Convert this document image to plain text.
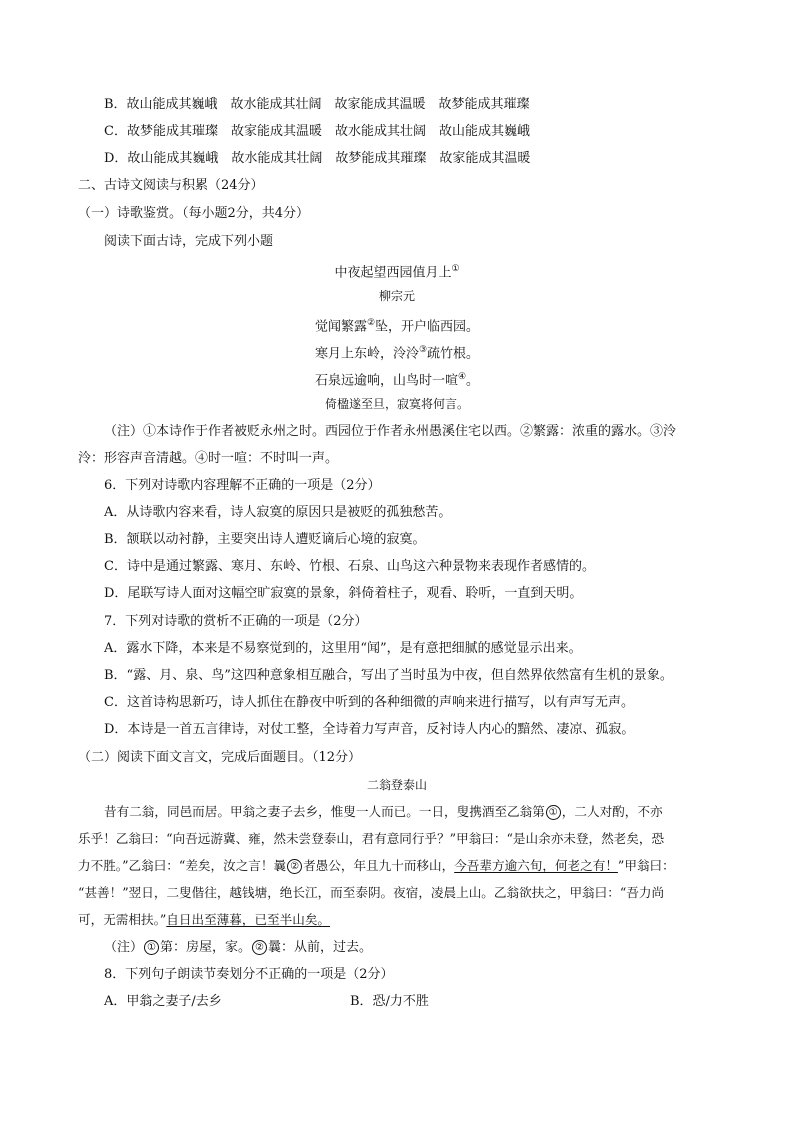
B．故山能成其巍峨　故水能成其壮阔　故家能成其温暖　故梦能成其璀璨
C．故梦能成其璀璨　故家能成其温暖　故水能成其壮阔　故山能成其巍峨
D．故山能成其巍峨　故水能成其壮阔　故梦能成其璀璨　故家能成其温暖
二、古诗文阅读与积累（24分）
（一）诗歌鉴赏。（每小题2分，共4分）
阅读下面古诗，完成下列小题
中夜起望西园值月上①
柳宗元
觉闻繁露②坠，开户临西园。
寒月上东岭，泠泠③疏竹根。
石泉远逾响，山鸟时一喧④。
倚楹遂至旦，寂寞将何言。
（注）①本诗作于作者被贬永州之时。西园位于作者永州愚溪住宅以西。②繁露：浓重的露水。③泠
泠：形容声音清越。④时一喧：不时叫一声。
6．下列对诗歌内容理解不正确的一项是（2分）
A．从诗歌内容来看，诗人寂寞的原因只是被贬的孤独愁苦。
B．颔联以动衬静，主要突出诗人遭贬谪后心境的寂寞。
C．诗中是通过繁露、寒月、东岭、竹根、石泉、山鸟这六种景物来表现作者感情的。
D．尾联写诗人面对这幅空旷寂寞的景象，斜倚着柱子，观看、聆听，一直到天明。
7．下列对诗歌的赏析不正确的一项是（2分）
A．露水下降，本来是不易察觉到的，这里用“闻”，是有意把细腻的感觉显示出来。
B．“露、月、泉、鸟”这四种意象相互融合，写出了当时虽为中夜，但自然界依然富有生机的景象。
C．这首诗构思新巧，诗人抓住在静夜中听到的各种细微的声响来进行描写，以有声写无声。
D．本诗是一首五言律诗，对仗工整，全诗着力写声音，反衬诗人内心的黯然、凄凉、孤寂。
（二）阅读下面文言文，完成后面题目。（12分）
二翁登泰山
昔有二翁，同邑而居。甲翁之妻子去乡，惟叟一人而已。一日，叟携酒至乙翁第 ① ，二人对酌，不亦
乐乎！乙翁曰：“向吾远游冀、雍，然未尝登泰山，君有意同行乎？”甲翁曰：“是山余亦未登，然老矣，恐
力不胜。”乙翁曰：“差矣，汝之言！曩 ② 者愚公，年且九十而移山，今吾辈方逾六旬，何老之有！”甲翁曰：
“甚善！”翌日，二叟偕往，越钱塘，绝长江，而至泰阴。夜宿，凌晨上山。乙翁欲扶之，甲翁曰：“吾力尚
可，无需相扶。”自日出至薄暮，已至半山矣。
（注） ① 第：房屋，家。 ② 曩：从前，过去。
8．下列句子朗读节奏划分不正确的一项是（2分）
A．甲翁之妻子/去乡	B．恐/力不胜
